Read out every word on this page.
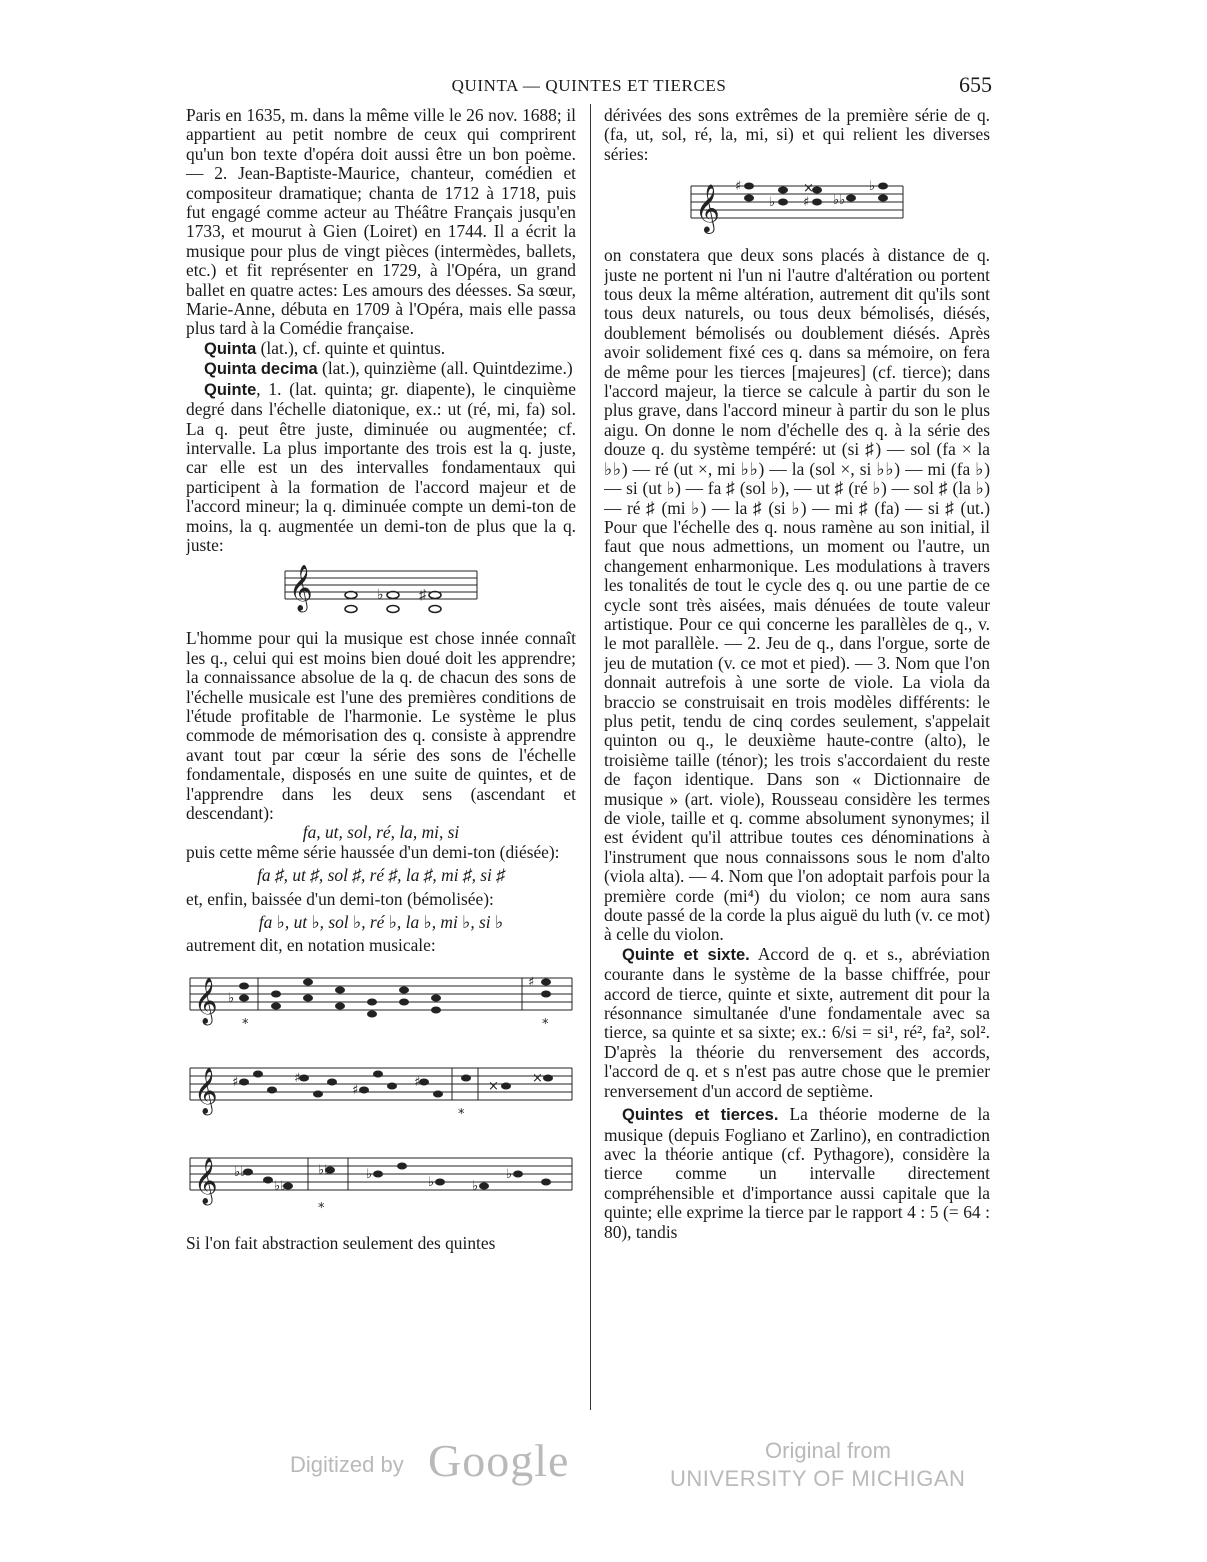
QUINTA — QUINTES ET TIERCES	655

Paris en 1635, m. dans la même ville le 26 nov. 1688; il appartient au petit nombre de ceux qui comprirent qu'un bon texte d'opéra doit aussi être un bon poème. — 2. Jean-Baptiste-Maurice, chanteur, comédien et compositeur dramatique; chanta de 1712 à 1718, puis fut engagé comme acteur au Théâtre Français jusqu'en 1733, et mourut à Gien (Loiret) en 1744. Il a écrit la musique pour plus de vingt pièces (intermèdes, ballets, etc.) et fit représenter en 1729, à l'Opéra, un grand ballet en quatre actes: Les amours des déesses. Sa sœur, Marie-Anne, débuta en 1709 à l'Opéra, mais elle passa plus tard à la Comédie française.

Quinta (lat.), cf. quinte et quintus.

Quinta decima (lat.), quinzième (all. Quintdezime.)

Quinte, 1. (lat. quinta; gr. diapente), le cinquième degré dans l'échelle diatonique, ex.: ut (ré, mi, fa) sol. La q. peut être juste, diminuée ou augmentée; cf. intervalle. La plus importante des trois est la q. juste, car elle est un des intervalles fondamentaux qui participent à la formation de l'accord majeur et de l'accord mineur; la q. diminuée compte un demi-ton de moins, la q. augmentée un demi-ton de plus que la q. juste:

𝄞	♭	♯

L'homme pour qui la musique est chose innée connaît les q., celui qui est moins bien doué doit les apprendre; la connaissance absolue de la q. de chacun des sons de l'échelle musicale est l'une des premières conditions de l'étude profitable de l'harmonie. Le système le plus commode de mémorisation des q. consiste à apprendre avant tout par cœur la série des sons de l'échelle fondamentale, disposés en une suite de quintes, et de l'apprendre dans les deux sens (ascendant et descendant):

fa, ut, sol, ré, la, mi, si

puis cette même série haussée d'un demi-ton (diésée):

fa ♯, ut ♯, sol ♯, ré ♯, la ♯, mi ♯, si ♯

et, enfin, baissée d'un demi-ton (bémolisée):

fa ♭, ut ♭, sol ♭, ré ♭, la ♭, mi ♭, si ♭

autrement dit, en notation musicale:

𝄞
𝄞
𝄞
♭
*
♯
*
♯	♯
♯
♯	×
×
*
♭♭
♭♭
♭♭	♭
♭	♭
♭
*

Si l'on fait abstraction seulement des quintes

dérivées des sons extrêmes de la première série de q. (fa, ut, sol, ré, la, mi, si) et qui relient les diverses séries:

𝄞 ♯
♭
×
♯ ♭♭
♭

on constatera que deux sons placés à distance de q. juste ne portent ni l'un ni l'autre d'altération ou portent tous deux la même altération, autrement dit qu'ils sont tous deux naturels, ou tous deux bémolisés, diésés, doublement bémolisés ou doublement diésés. Après avoir solidement fixé ces q. dans sa mémoire, on fera de même pour les tierces [majeures] (cf. tierce); dans l'accord majeur, la tierce se calcule à partir du son le plus grave, dans l'accord mineur à partir du son le plus aigu. On donne le nom d'échelle des q. à la série des douze q. du système tempéré: ut (si ♯) — sol (fa × la ♭♭) — ré (ut ×, mi ♭♭) — la (sol ×, si ♭♭) — mi (fa ♭) — si (ut ♭) — fa ♯ (sol ♭), — ut ♯ (ré ♭) — sol ♯ (la ♭) — ré ♯ (mi ♭) — la ♯ (si ♭) — mi ♯ (fa) — si ♯ (ut.) Pour que l'échelle des q. nous ramène au son initial, il faut que nous admettions, un moment ou l'autre, un changement enharmonique. Les modulations à travers les tonalités de tout le cycle des q. ou une partie de ce cycle sont très aisées, mais dénuées de toute valeur artistique. Pour ce qui concerne les parallèles de q., v. le mot parallèle. — 2. Jeu de q., dans l'orgue, sorte de jeu de mutation (v. ce mot et pied). — 3. Nom que l'on donnait autrefois à une sorte de viole. La viola da braccio se construisait en trois modèles différents: le plus petit, tendu de cinq cordes seulement, s'appelait quinton ou q., le deuxième haute-contre (alto), le troisième taille (ténor); les trois s'accordaient du reste de façon identique. Dans son « Dictionnaire de musique » (art. viole), Rousseau considère les termes de viole, taille et q. comme absolument synonymes; il est évident qu'il attribue toutes ces dénominations à l'instrument que nous connaissons sous le nom d'alto (viola alta). — 4. Nom que l'on adoptait parfois pour la première corde (mi⁴) du violon; ce nom aura sans doute passé de la corde la plus aiguë du luth (v. ce mot) à celle du violon.

Quinte et sixte. Accord de q. et s., abréviation courante dans le système de la basse chiffrée, pour accord de tierce, quinte et sixte, autrement dit pour la résonnance simultanée d'une fondamentale avec sa tierce, sa quinte et sa sixte; ex.: 6/si = si¹, ré², fa², sol². D'après la théorie du renversement des accords, l'accord de q. et s n'est pas autre chose que le premier renversement d'un accord de septième.

Quintes et tierces. La théorie moderne de la musique (depuis Fogliano et Zarlino), en contradiction avec la théorie antique (cf. Pythagore), considère la tierce comme un intervalle directement compréhensible et d'importance aussi capitale que la quinte; elle exprime la tierce par le rapport 4 : 5 (= 64 : 80), tandis

Digitized by Google	Original from
UNIVERSITY OF MICHIGAN
